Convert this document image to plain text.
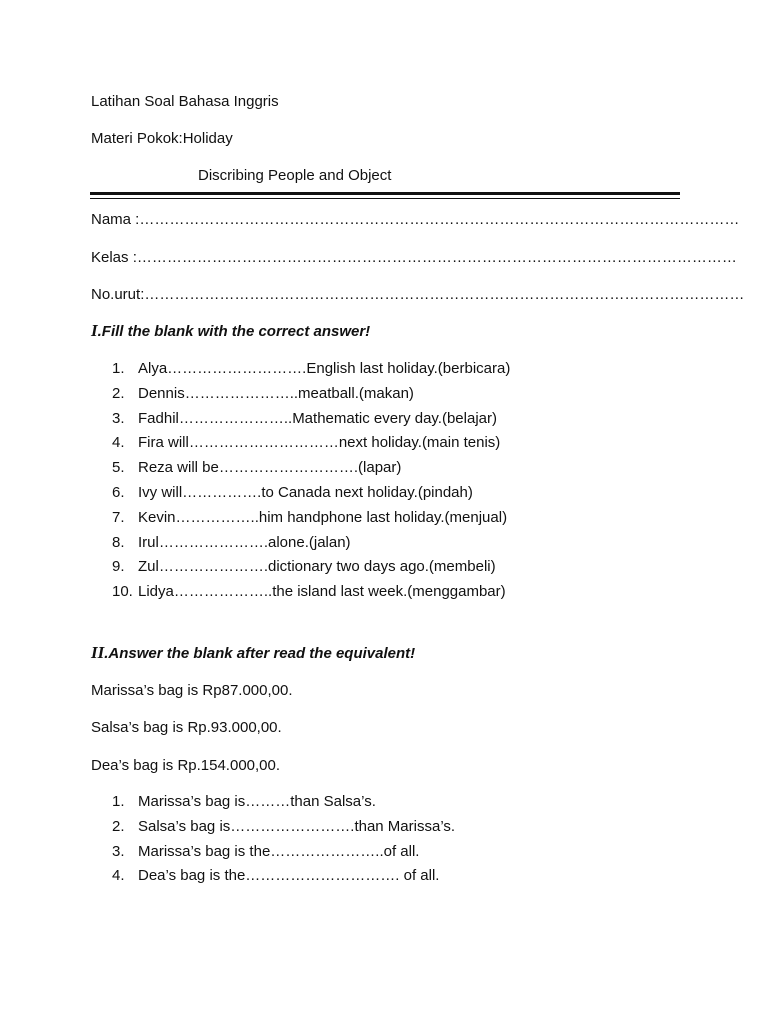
Latihan Soal Bahasa Inggris
Materi Pokok:Holiday
Discribing People and Object
Nama :…………………………………………………………………………………………………………
Kelas :…………………………………………………………………………………………………………
No.urut:…………………………………………………………………………………………………………
I.Fill the blank with the correct answer!
1. Alya……………………….English last holiday.(berbicara)
2. Dennis…………………..meatball.(makan)
3. Fadhil…………………..Mathematic every day.(belajar)
4. Fira will…………………………next holiday.(main tenis)
5. Reza will be……………………….(lapar)
6. Ivy will…………….to Canada next holiday.(pindah)
7. Kevin……………..him handphone last holiday.(menjual)
8. Irul………………….alone.(jalan)
9. Zul………………….dictionary two days ago.(membeli)
10. Lidya………………..the island last week.(menggambar)
II.Answer the blank after read the equivalent!
Marissa’s bag is Rp87.000,00.
Salsa’s bag is Rp.93.000,00.
Dea’s bag is Rp.154.000,00.
1. Marissa’s bag is………than Salsa’s.
2. Salsa’s bag is…………………….than Marissa’s.
3. Marissa’s bag is the…………………..of all.
4. Dea’s bag is the…………………………. of all.
